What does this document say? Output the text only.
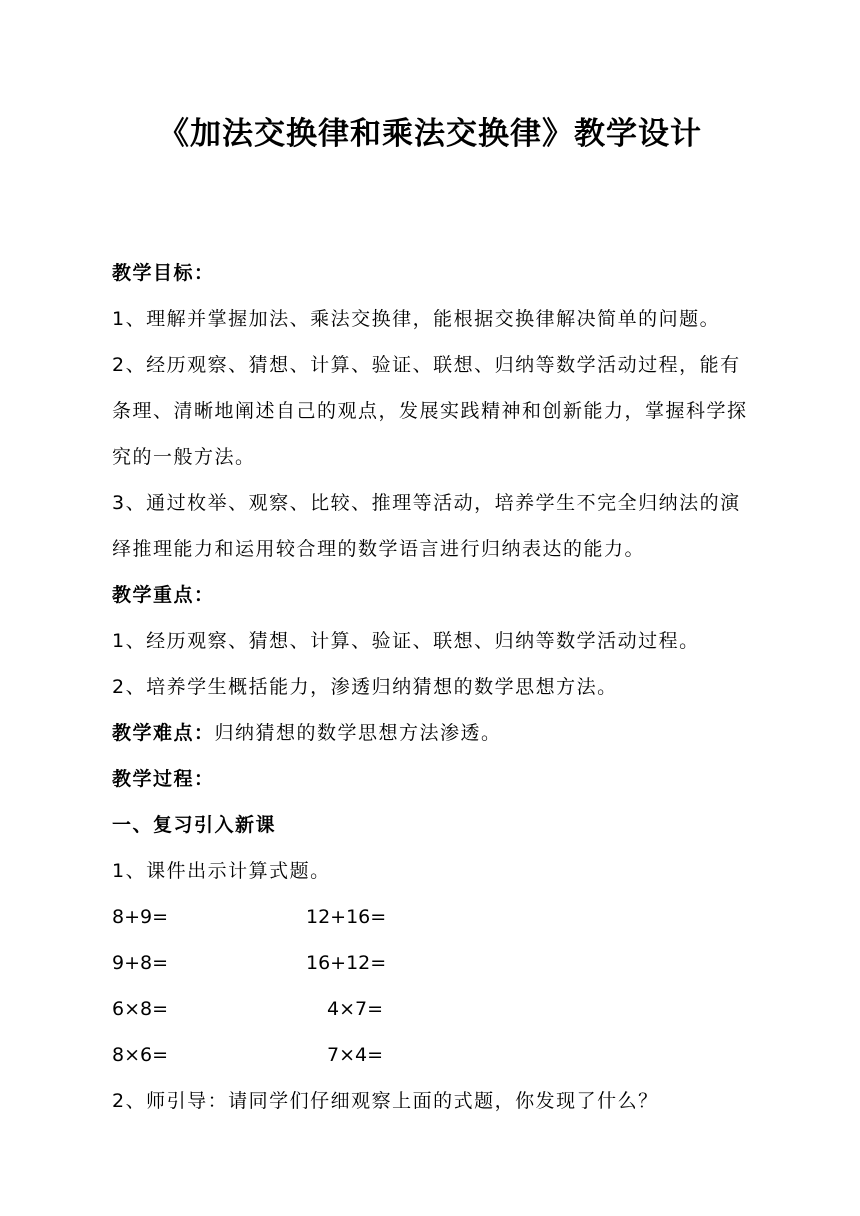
《加法交换律和乘法交换律》教学设计
教学目标：
1、理解并掌握加法、乘法交换律，能根据交换律解决简单的问题。
2、经历观察、猜想、计算、验证、联想、归纳等数学活动过程，能有条理、清晰地阐述自己的观点，发展实践精神和创新能力，掌握科学探究的一般方法。
3、通过枚举、观察、比较、推理等活动，培养学生不完全归纳法的演绎推理能力和运用较合理的数学语言进行归纳表达的能力。
教学重点：
1、经历观察、猜想、计算、验证、联想、归纳等数学活动过程。
2、培养学生概括能力，渗透归纳猜想的数学思想方法。
教学难点：归纳猜想的数学思想方法渗透。
教学过程：
一、复习引入新课
1、课件出示计算式题。
8+9=	12+16=
9+8=	16+12=
6×8=	4×7=
8×6=	7×4=
2、师引导：请同学们仔细观察上面的式题，你发现了什么？
